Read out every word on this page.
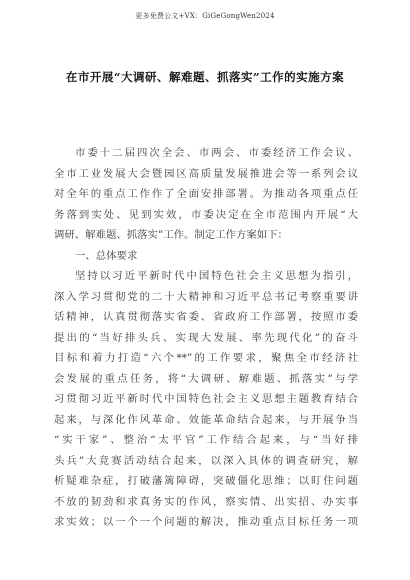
更多免费公文+VX：GiGeGongWen2024
在市开展“大调研、解难题、抓落实”工作的实施方案
市委十二届四次全会、市两会、市委经济工作会议、
全市工业发展大会暨园区高质量发展推进会等一系列会议
对全年的重点工作作了全面安排部署。为推动各项重点任
务落到实处、见到实效，市委决定在全市范围内开展“大
调研、解难题、抓落实”工作。制定工作方案如下：
一、总体要求
坚持以习近平新时代中国特色社会主义思想为指引，
深入学习贯彻党的二十大精神和习近平总书记考察重要讲
话精神，认真贯彻落实省委、省政府工作部署，按照市委
提出的“当好排头兵、实现大发展、率先现代化”的奋斗
目标和着力打造“六个**”的工作要求，聚焦全市经济社
会发展的重点任务，将“大调研、解难题、抓落实”与学
习贯彻习近平新时代中国特色社会主义思想主题教育结合
起来，与深化作风革命、效能革命结合起来，与开展争当
“实干家”、整治“太平官”工作结合起来，与“当好排
头兵”大竞赛活动结合起来，以深入具体的调查研究，解
析疑难杂症，打破藩篱障碍，突破僵化思维；以盯住问题
不放的韧劲和求真务实的作风，察实情、出实招、办实事
求实效；以一个一个问题的解决，推动重点目标任务一项
